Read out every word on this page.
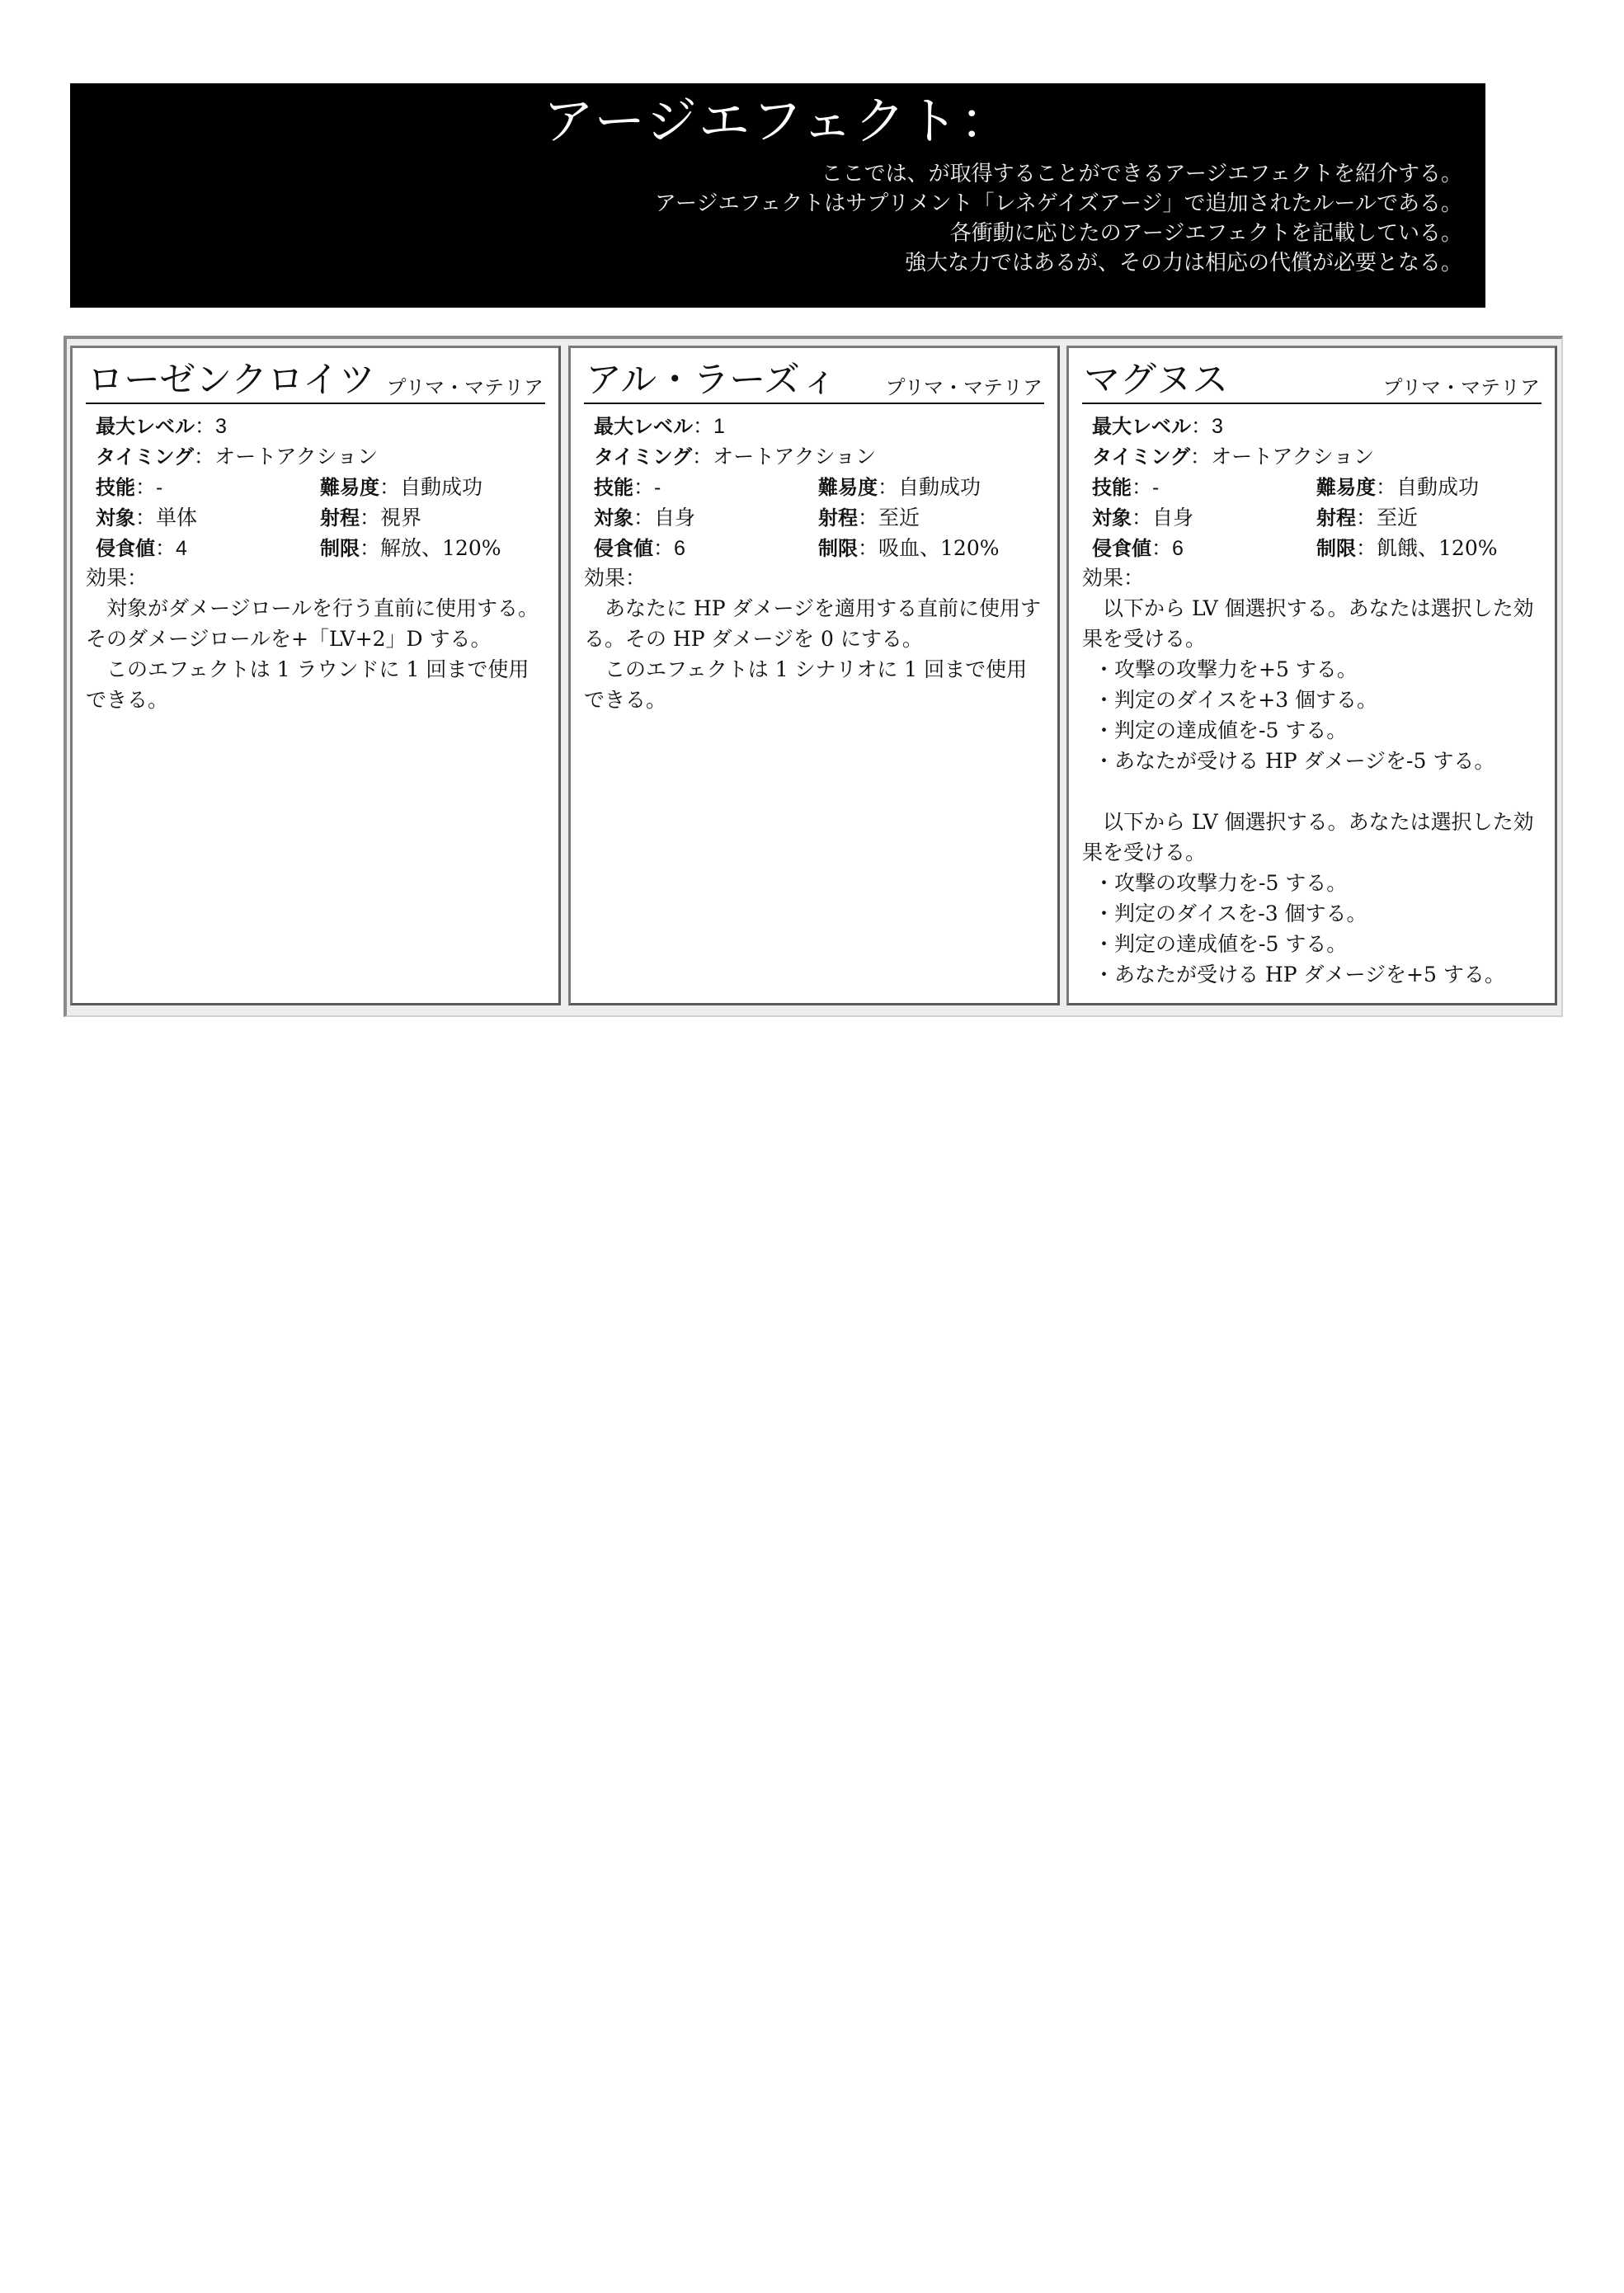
アージエフェクト：
ここでは、が取得することができるアージエフェクトを紹介する。
アージエフェクトはサプリメント「レネゲイズアージ」で追加されたルールである。
各衝動に応じたのアージエフェクトを記載している。
強大な力ではあるが、その力は相応の代償が必要となる。
ローゼンクロイツ プリマ・マテリア
最大レベル：3
タイミング：オートアクション
技能：-	難易度：自動成功
対象：単体	射程：視界
侵食値：4	制限：解放、120%
効果：

対象がダメージロールを行う直前に使用する。そのダメージロールを+「LV+2」D する。

このエフェクトは 1 ラウンドに 1 回まで使用できる。

アル・ラーズィ プリマ・マテリア
最大レベル：1
タイミング：オートアクション
技能：-	難易度：自動成功
対象：自身	射程：至近
侵食値：6	制限：吸血、120%
効果：

あなたに HP ダメージを適用する直前に使用する。その HP ダメージを 0 にする。

このエフェクトは 1 シナリオに 1 回まで使用できる。

マグヌス	プリマ・マテリア
最大レベル：3
タイミング：オートアクション
技能：-	難易度：自動成功
対象：自身	射程：至近
侵食値：6	制限：飢餓、120%
効果：

以下から LV 個選択する。あなたは選択した効果を受ける。

・攻撃の攻撃力を+5 する。
・判定のダイスを+3 個する。
・判定の達成値を-5 する。
・あなたが受ける HP ダメージを-5 する。

以下から LV 個選択する。あなたは選択した効果を受ける。

・攻撃の攻撃力を-5 する。
・判定のダイスを-3 個する。
・判定の達成値を-5 する。
・あなたが受ける HP ダメージを+5 する。
